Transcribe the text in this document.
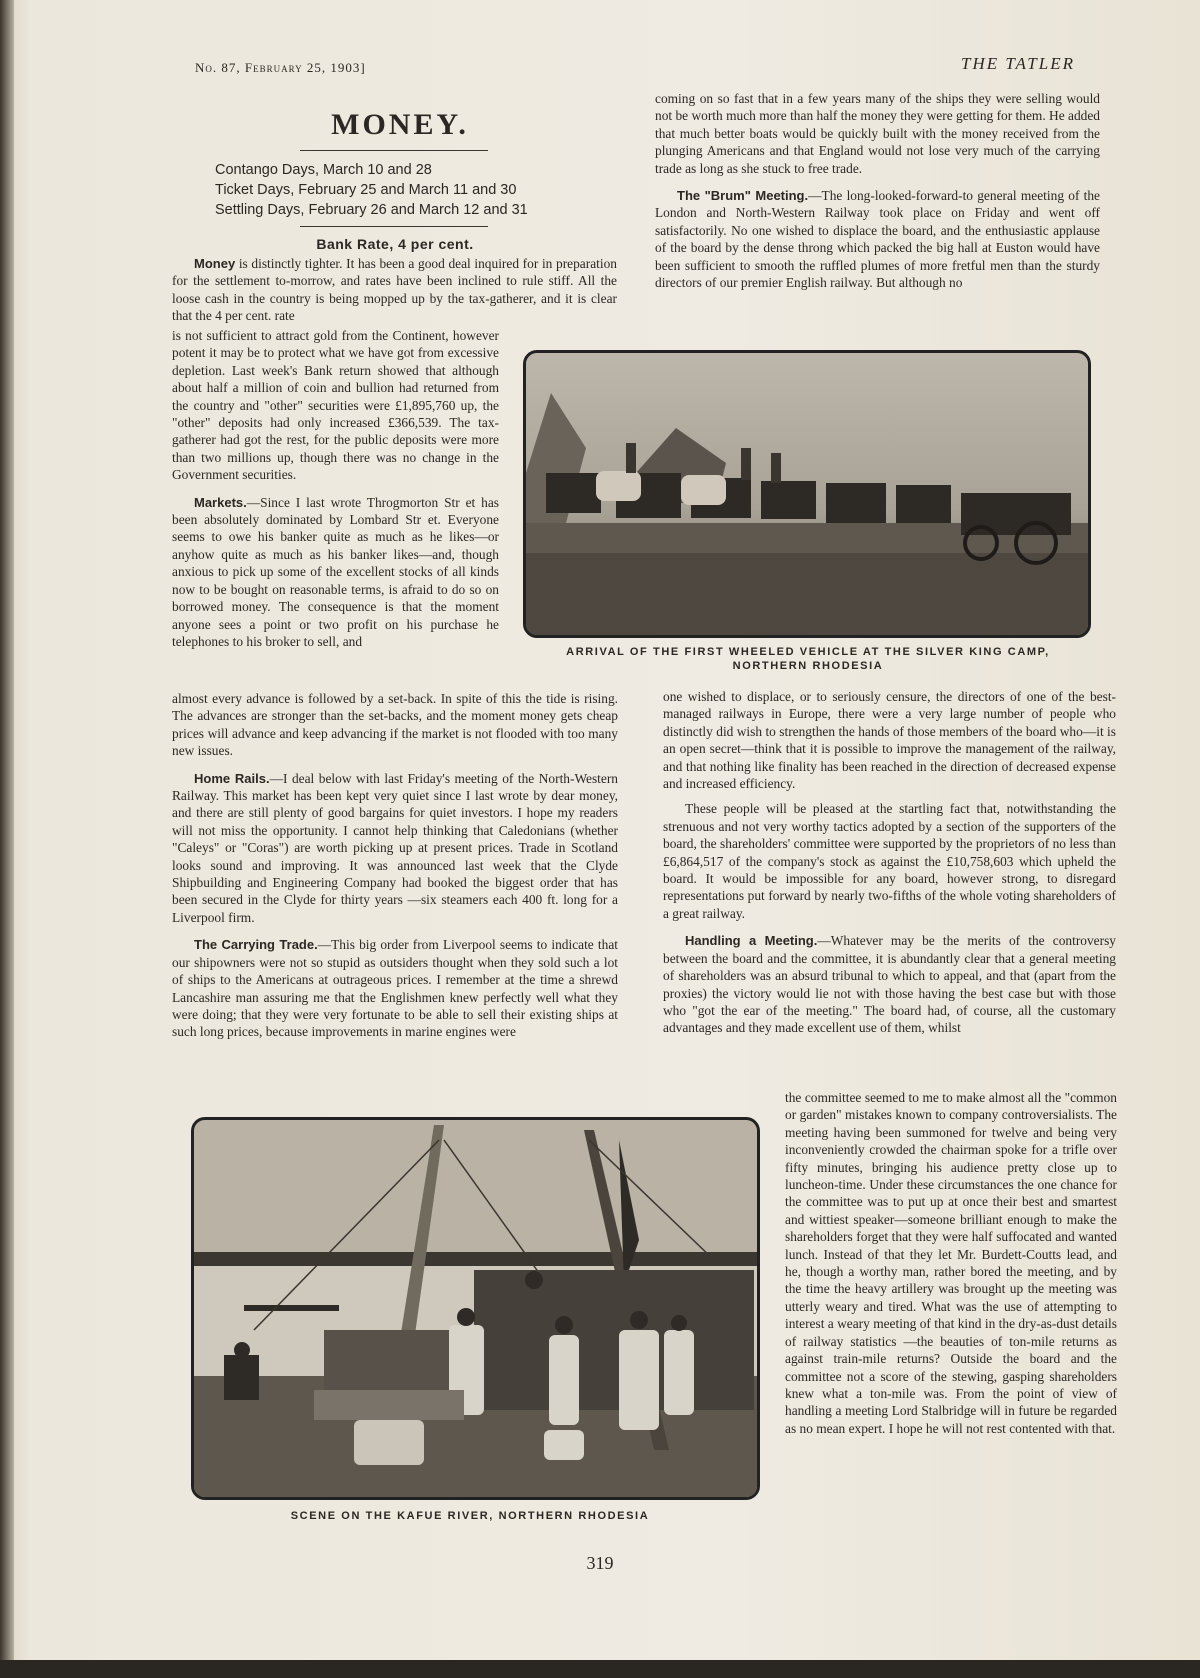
No. 87, February 25, 1903]	THE TATLER
MONEY.
Contango Days, March 10 and 28
Ticket Days, February 25 and March 11 and 30
Settling Days, February 26 and March 12 and 31
Bank Rate, 4 per cent.

Money is distinctly tighter. It has been a good deal inquired for in preparation for the settlement to-morrow, and rates have been inclined to rule stiff. All the loose cash in the country is being mopped up by the tax-gatherer, and it is clear that the 4 per cent. rate

is not sufficient to attract gold from the Continent, however potent it may be to protect what we have got from excessive depletion. Last week's Bank return showed that although about half a million of coin and bullion had returned from the country and "other" securities were £1,895,760 up, the "other" deposits had only increased £366,539. The tax-gatherer had got the rest, for the public deposits were more than two millions up, though there was no change in the Government securities.

Markets.—Since I last wrote Throgmorton Str et has been absolutely dominated by Lombard Str et. Everyone seems to owe his banker quite as much as he likes—or anyhow quite as much as his banker likes—and, though anxious to pick up some of the excellent stocks of all kinds now to be bought on reasonable terms, is afraid to do so on borrowed money. The consequence is that the moment anyone sees a point or two profit on his purchase he telephones to his broker to sell, and

almost every advance is followed by a set-back. In spite of this the tide is rising. The advances are stronger than the set-backs, and the moment money gets cheap prices will advance and keep advancing if the market is not flooded with too many new issues.

Home Rails.—I deal below with last Friday's meeting of the North-Western Railway. This market has been kept very quiet since I last wrote by dear money, and there are still plenty of good bargains for quiet investors. I hope my readers will not miss the opportunity. I cannot help thinking that Caledonians (whether "Caleys" or "Coras") are worth picking up at present prices. Trade in Scotland looks sound and improving. It was announced last week that the Clyde Shipbuilding and Engineering Company had booked the biggest order that has been secured in the Clyde for thirty years —six steamers each 400 ft. long for a Liverpool firm.

The Carrying Trade.—This big order from Liverpool seems to indicate that our shipowners were not so stupid as outsiders thought when they sold such a lot of ships to the Americans at outrageous prices. I remember at the time a shrewd Lancashire man assuring me that the Englishmen knew perfectly well what they were doing; that they were very fortunate to be able to sell their existing ships at such long prices, because improvements in marine engines were

coming on so fast that in a few years many of the ships they were selling would not be worth much more than half the money they were getting for them. He added that much better boats would be quickly built with the money received from the plunging Americans and that England would not lose very much of the carrying trade as long as she stuck to free trade.

The "Brum" Meeting.—The long-looked-forward-to general meeting of the London and North-Western Railway took place on Friday and went off satisfactorily. No one wished to displace the board, and the enthusiastic applause of the board by the dense throng which packed the big hall at Euston would have been sufficient to smooth the ruffled plumes of more fretful men than the sturdy directors of our premier English railway. But although no

ARRIVAL OF THE FIRST WHEELED VEHICLE AT THE SILVER KING CAMP, NORTHERN RHODESIA

one wished to displace, or to seriously censure, the directors of one of the best-managed railways in Europe, there were a very large number of people who distinctly did wish to strengthen the hands of those members of the board who—it is an open secret—think that it is possible to improve the management of the railway, and that nothing like finality has been reached in the direction of decreased expense and increased efficiency.

These people will be pleased at the startling fact that, notwithstanding the strenuous and not very worthy tactics adopted by a section of the supporters of the board, the shareholders' committee were supported by the proprietors of no less than £6,864,517 of the company's stock as against the £10,758,603 which upheld the board. It would be impossible for any board, however strong, to disregard representations put forward by nearly two-fifths of the whole voting shareholders of a great railway.

Handling a Meeting.—Whatever may be the merits of the controversy between the board and the committee, it is abundantly clear that a general meeting of shareholders was an absurd tribunal to which to appeal, and that (apart from the proxies) the victory would lie not with those having the best case but with those who "got the ear of the meeting." The board had, of course, all the customary advantages and they made excellent use of them, whilst

the committee seemed to me to make almost all the "common or garden" mistakes known to company controversialists. The meeting having been summoned for twelve and being very inconveniently crowded the chairman spoke for a trifle over fifty minutes, bringing his audience pretty close up to luncheon-time. Under these circumstances the one chance for the committee was to put up at once their best and smartest and wittiest speaker—someone brilliant enough to make the shareholders forget that they were half suffocated and wanted lunch. Instead of that they let Mr. Burdett-Coutts lead, and he, though a worthy man, rather bored the meeting, and by the time the heavy artillery was brought up the meeting was utterly weary and tired. What was the use of attempting to interest a weary meeting of that kind in the dry-as-dust details of railway statistics —the beauties of ton-mile returns as against train-mile returns? Outside the board and the committee not a score of the stewing, gasping shareholders knew what a ton-mile was. From the point of view of handling a meeting Lord Stalbridge will in future be regarded as no mean expert. I hope he will not rest contented with that.

SCENE ON THE KAFUE RIVER, NORTHERN RHODESIA
319
